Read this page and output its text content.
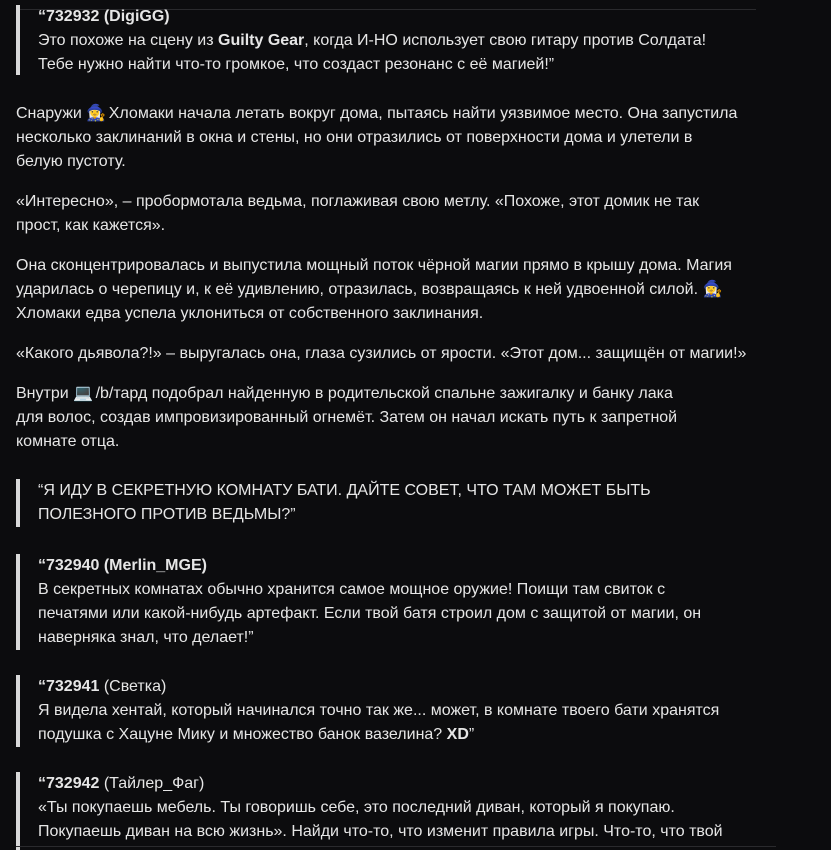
“732932 (DigiGG)

Это похоже на сцену из Guilty Gear, когда И-НО использует свою гитару против Солдата!

Тебе нужно найти что-то громкое, что создаст резонанс с её магией!”

Снаружи 🧙‍♀️ Хломаки начала летать вокруг дома, пытаясь найти уязвимое место. Она запустила

несколько заклинаний в окна и стены, но они отразились от поверхности дома и улетели в

белую пустоту.

«Интересно», – пробормотала ведьма, поглаживая свою метлу. «Похоже, этот домик не так

прост, как кажется».

Она сконцентрировалась и выпустила мощный поток чёрной магии прямо в крышу дома. Магия

ударилась о черепицу и, к её удивлению, отразилась, возвращаясь к ней удвоенной силой. 🧙‍♀️

Хломаки едва успела уклониться от собственного заклинания.

«Какого дьявола?!» – выругалась она, глаза сузились от ярости. «Этот дом... защищён от магии!»

Внутри 💻 /b/тард подобрал найденную в родительской спальне зажигалку и банку лака

для волос, создав импровизированный огнемёт. Затем он начал искать путь к запретной

комнате отца.

“Я ИДУ В СЕКРЕТНУЮ КОМНАТУ БАТИ. ДАЙТЕ СОВЕТ, ЧТО ТАМ МОЖЕТ БЫТЬ

ПОЛЕЗНОГО ПРОТИВ ВЕДЬМЫ?”

“732940 (Merlin_MGE)

В секретных комнатах обычно хранится самое мощное оружие! Поищи там свиток с

печатями или какой-нибудь артефакт. Если твой батя строил дом с защитой от магии, он

наверняка знал, что делает!”

“732941 (Светка)

Я видела хентай, который начинался точно так же... может, в комнате твоего бати хранятся

подушка с Хацуне Мику и множество банок вазелина? XD”

“732942 (Тайлер_Фаг)

«Ты покупаешь мебель. Ты говоришь себе, это последний диван, который я покупаю.

Покупаешь диван на всю жизнь». Найди что-то, что изменит правила игры. Что-то, что твой
